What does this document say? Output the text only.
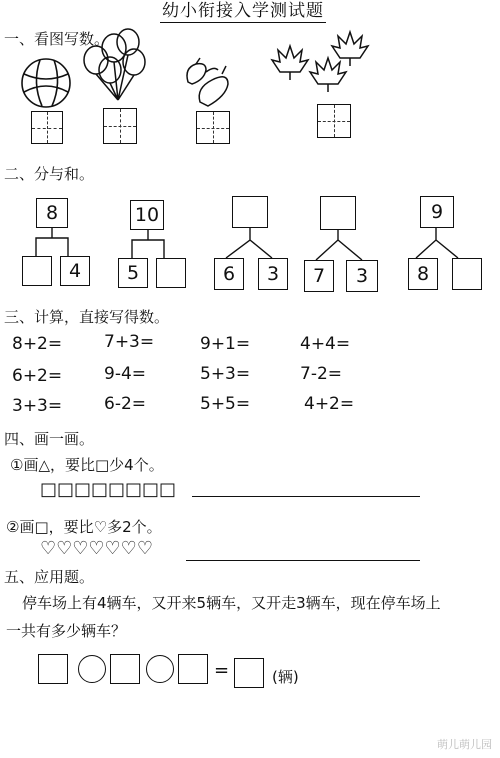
幼小衔接入学测试题
一、看图写数。
二、分与和。
8	10	9
4	5	6	3	7	3	8
三、计算，直接写得数。
8+2= 7+3=	9+1=	4+4=
6+2= 9-4=	5+3=	7-2=
3+3= 6-2=	5+5=	4+2=
四、画一画。
①画△，要比□少4个。
□□□□□□□□
②画□，要比♡多2个。
♡♡♡♡♡♡♡
五、应用题。
停车场上有4辆车，又开来5辆车，又开走3辆车，现在停车场上
一共有多少辆车？
=	(辆)
萌儿萌儿园
